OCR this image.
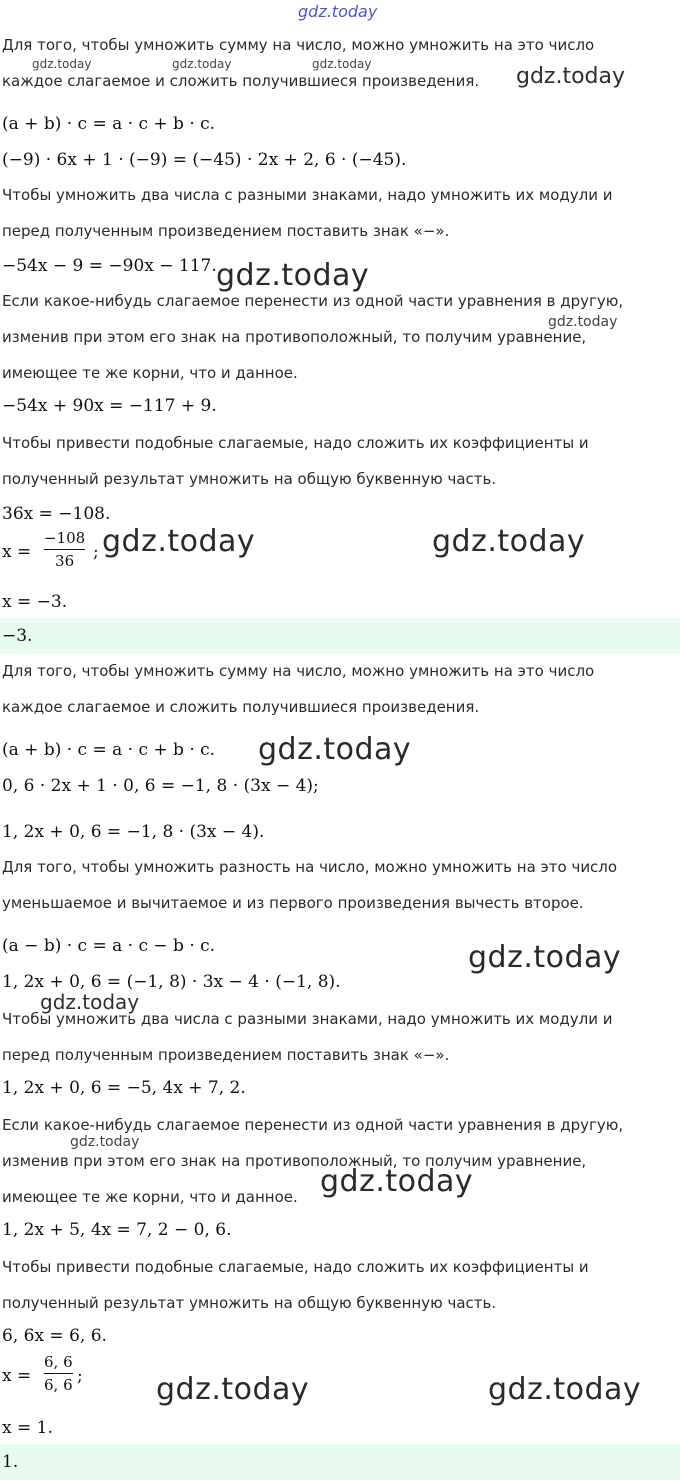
gdz.today
gdz.today	gdz.today	gdz.today	gdz.today
gdz.today
gdz.today
gdz.today	gdz.today
gdz.today
gdz.today
gdz.today
gdz.today
gdz.today
gdz.today	gdz.today
Для того, чтобы умножить сумму на число, можно умножить на это число
каждое слагаемое и сложить получившиеся произведения.
(a + b) · c = a · c + b · c.
(−9) · 6x + 1 · (−9) = (−45) · 2x + 2, 6 · (−45).
Чтобы умножить два числа с разными знаками, надо умножить их модули и
перед полученным произведением поставить знак «−».
−54x − 9 = −90x − 117.
Если какое-нибудь слагаемое перенести из одной части уравнения в другую,
изменив при этом его знак на противоположный, то получим уравнение,
имеющее те же корни, что и данное.
−54x + 90x = −117 + 9.
Чтобы привести подобные слагаемые, надо сложить их коэффициенты и
полученный результат умножить на общую буквенную часть.
36x = −108.
x =
−108
36	;
x = −3.
−3.
Для того, чтобы умножить сумму на число, можно умножить на это число
каждое слагаемое и сложить получившиеся произведения.
(a + b) · c = a · c + b · c.
0, 6 · 2x + 1 · 0, 6 = −1, 8 · (3x − 4);
1, 2x + 0, 6 = −1, 8 · (3x − 4).
Для того, чтобы умножить разность на число, можно умножить на это число
уменьшаемое и вычитаемое и из первого произведения вычесть второе.
(a − b) · c = a · c − b · c.
1, 2x + 0, 6 = (−1, 8) · 3x − 4 · (−1, 8).
Чтобы умножить два числа с разными знаками, надо умножить их модули и
перед полученным произведением поставить знак «−».
1, 2x + 0, 6 = −5, 4x + 7, 2.
Если какое-нибудь слагаемое перенести из одной части уравнения в другую,
изменив при этом его знак на противоположный, то получим уравнение,
имеющее те же корни, что и данное.
1, 2x + 5, 4x = 7, 2 − 0, 6.
Чтобы привести подобные слагаемые, надо сложить их коэффициенты и
полученный результат умножить на общую буквенную часть.
6, 6x = 6, 6.
x =
6, 6
6, 6 ;
x = 1.
1.
